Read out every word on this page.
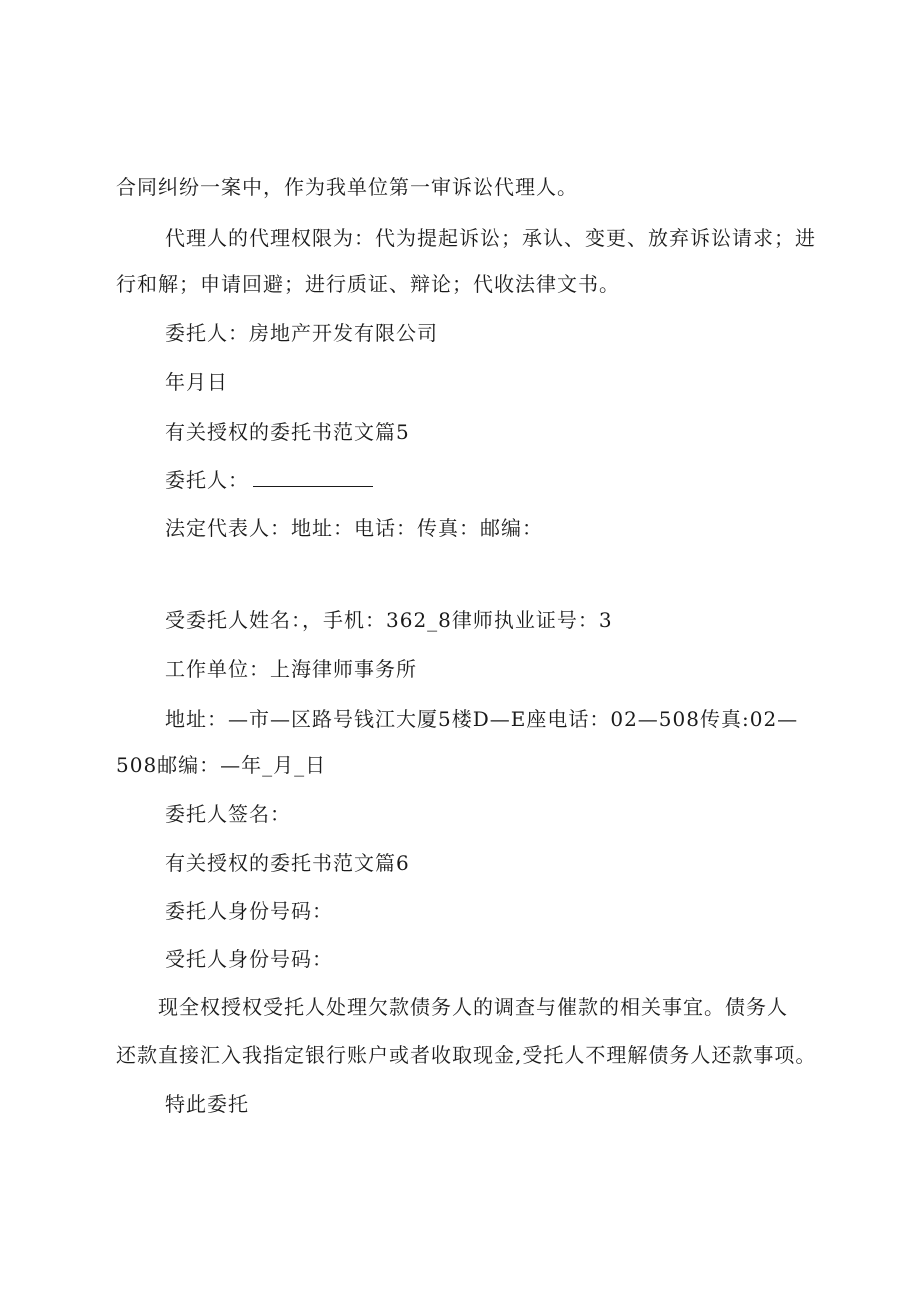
合同纠纷一案中，作为我单位第一审诉讼代理人。
代理人的代理权限为：代为提起诉讼；承认、变更、放弃诉讼请求；进
行和解；申请回避；进行质证、辩论；代收法律文书。
委托人：房地产开发有限公司
年月日
有关授权的委托书范文篇5
委托人：
法定代表人：地址：电话：传真：邮编：
受委托人姓名：，手机：362_8律师执业证号：3
工作单位：上海律师事务所
地址：—市—区路号钱江大厦5楼D—E座电话：02—508传真:02—
508邮编：—年_月_日
委托人签名：
有关授权的委托书范文篇6
委托人身份号码：
受托人身份号码：
现全权授权受托人处理欠款债务人的调查与催款的相关事宜。债务人
还款直接汇入我指定银行账户或者收取现金,受托人不理解债务人还款事项。
特此委托
